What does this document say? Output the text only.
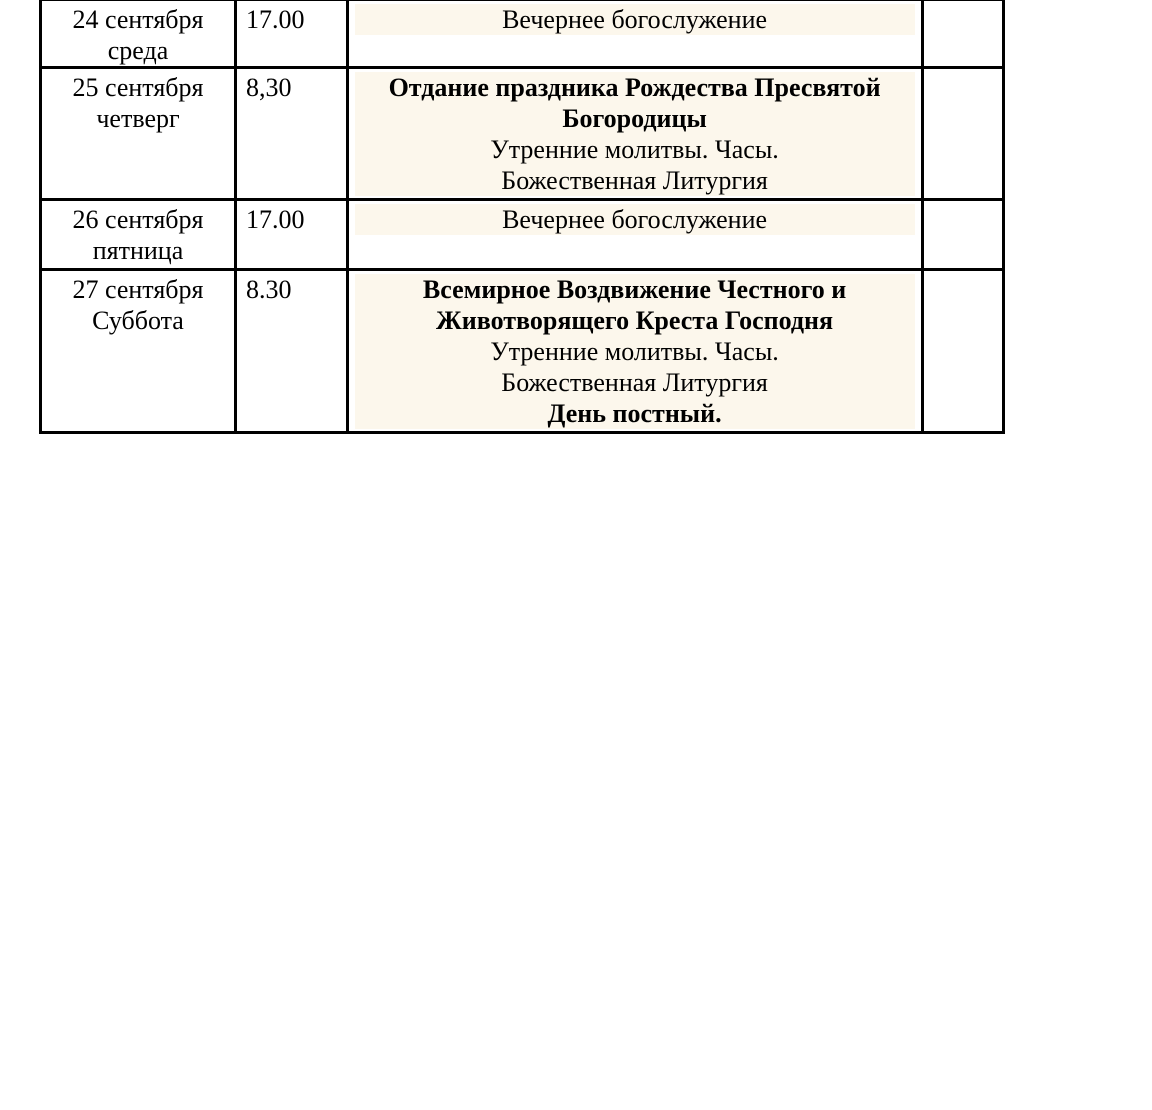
24 сентября
среда	17.00	Вечернее богослужение	

25 сентября
четверг	8,30	Отдание праздника Рождества Пресвятой
Богородицы
Утренние молитвы. Часы.
Божественная Литургия	

26 сентября
пятница	17.00	Вечернее богослужение	

27 сентября
Суббота	8.30	Всемирное Воздвижение Честного и
Животворящего Креста Господня
Утренние молитвы. Часы.
Божественная Литургия
День постный.	
